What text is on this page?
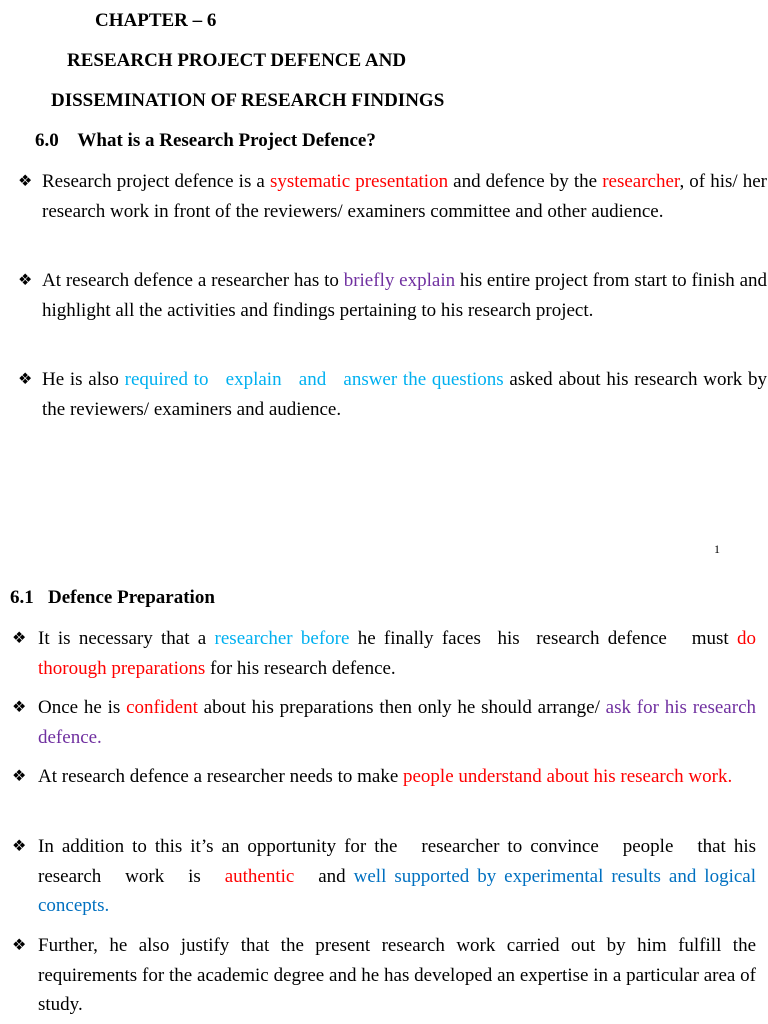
CHAPTER – 6
RESEARCH PROJECT DEFENCE AND
DISSEMINATION OF RESEARCH FINDINGS
6.0    What is a Research Project Defence?
❖ Research project defence is a systematic presentation and defence by the researcher, of his/ her research work in front of the reviewers/ examiners committee and other audience.
❖ At research defence a researcher has to briefly explain his entire project from start to finish and highlight all the activities and findings pertaining to his research project.
❖ He is also required to   explain   and   answer the questions asked about his research work by the reviewers/ examiners and audience.
1
6.1   Defence Preparation
❖ It is necessary that a researcher before he finally faces  his  research defence   must do thorough preparations for his research defence.
❖ Once he is confident about his preparations then only he should arrange/ ask for his research defence.
❖ At research defence a researcher needs to make people understand about his research work.
❖ In addition to this it’s an opportunity for the   researcher to convince   people   that his research   work   is   authentic   and well supported by experimental results and logical concepts.
❖ Further, he also justify that the present research work carried out by him fulfill the requirements for the academic degree and he has developed an expertise in a particular area of study.
